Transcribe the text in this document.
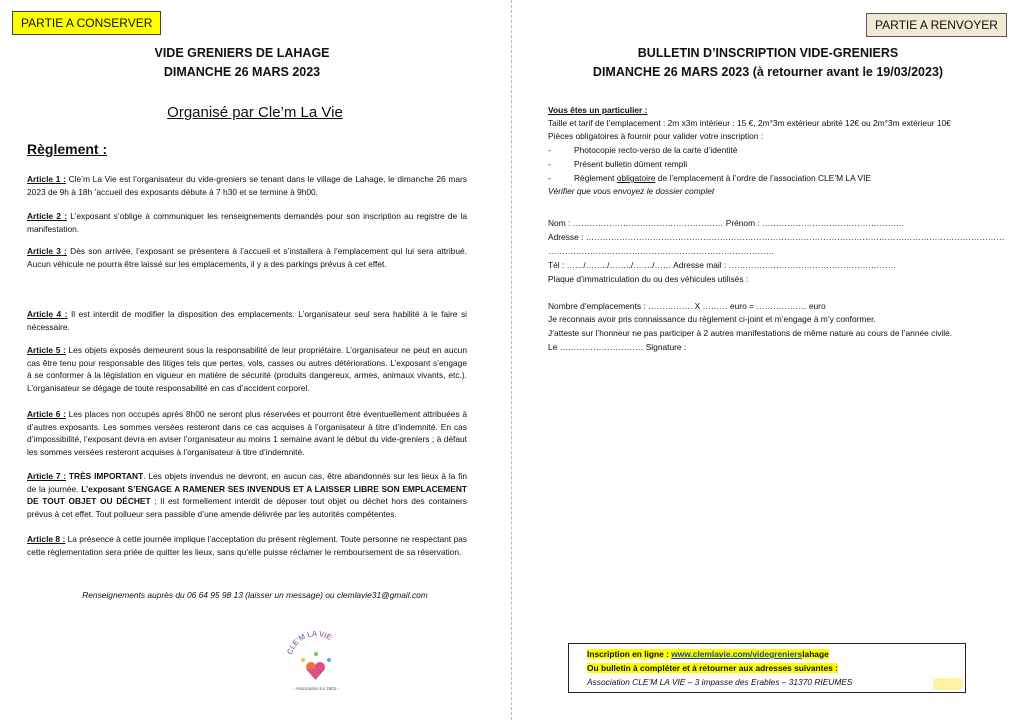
PARTIE A CONSERVER
VIDE GRENIERS DE LAHAGE
DIMANCHE 26 MARS 2023
Organisé par Cle’m La Vie
Règlement :
Article 1 : Cle’m La Vie est l’organisateur du vide-greniers se tenant dans le village de Lahage, le dimanche 26 mars 2023 de 9h à 18h ’accueil des exposants débute à 7 h30 et se termine à 9h00.
Article 2 : L’exposant s’oblige à communiquer les renseignements demandés pour son inscription au registre de la manifestation.
Article 3 : Dès son arrivée, l’exposant se présentera à l’accueil et s’installera à l’emplacement qui lui sera attribué. Aucun véhicule ne pourra être laissé sur les emplacements, il y a des parkings prévus à cet effet.
Article 4 : Il est interdit de modifier la disposition des emplacements. L’organisateur seul sera habilité à le faire si nécessaire.
Article 5 : Les objets exposés demeurent sous la responsabilité de leur propriétaire. L’organisateur ne peut en aucun cas être tenu pour responsable des litiges tels que pertes, vols, casses ou autres détériorations. L’exposant s’engage à se conformer à la législation en vigueur en matière de sécurité (produits dangereux, armes, animaux vivants, etc.). L’organisateur se dégage de toute responsabilité en cas d’accident corporel.
Article 6 : Les places non occupés après 8h00 ne seront plus réservées et pourront être éventuellement attribuées à d’autres exposants. Les sommes versées resteront dans ce cas acquises à l’organisateur à titre d’indemnité. En cas d’impossibilité, l’exposant devra en aviser l’organisateur au moins 1 semaine avant le début du vide-greniers ; à défaut les sommes versées resteront acquises à l’organisateur à titre d’indemnité.
Article 7 : TRÈS IMPORTANT. Les objets invendus ne devront, en aucun cas, être abandonnés sur les lieux à la fin de la journée. L’exposant S’ENGAGE A RAMENER SES INVENDUS ET A LAISSER LIBRE SON EMPLACEMENT DE TOUT OBJET OU DÉCHET ; Il est formellement interdit de déposer tout objet ou déchet hors des containers prévus à cet effet. Tout pollueur sera passible d’une amende délivrée par les autorités compétentes.
Article 8 : La présence à cette journée implique l’acceptation du présent règlement. Toute personne ne respectant pas cette règlementation sera priée de quitter les lieux, sans qu’elle puisse réclamer le remboursement de sa réservation.
Renseignements auprès du 06 64 95 98 13 (laisser un message) ou clemlavie31@gmail.com
CLE’M LA VIE
- Association loi 1901 -
PARTIE A RENVOYER
BULLETIN D’INSCRIPTION VIDE-GRENIERS
DIMANCHE 26 MARS 2023 (à retourner avant le 19/03/2023)
Vous êtes un particulier :
Taille et tarif de l’emplacement : 2m x3m intérieur : 15 €, 2m°3m extérieur abrité 12€ ou 2m°3m extérieur 10€
Pièces obligatoires à fournir pour valider votre inscription :
-	Photocopie recto-verso de la carte d’identité
-	Présent bulletin dûment rempli
-	Règlement obligatoire de l’emplacement à l’ordre de l’association CLE’M LA VIE
Vérifier que vous envoyez le dossier complet
Nom : ……………………………………………… Prénom : ……………………………………………
Adresse : ……………………………………………………………………………………………………………………………………
………………………………………………………………………
Tél : ……/……../……../……./…… Adresse mail : ……………………………………………………
Plaque d’immatriculation du ou des véhicules utilisés :
Nombre d’emplacements : ……………. X ……… euro = ……………… euro
Je reconnais avoir pris connaissance du règlement ci-joint et m’engage à m’y conformer.
J’atteste sur l’honneur ne pas participer à 2 autres manifestations de même nature au cours de l’année civile.
Le ………………………… Signature :
Inscription en ligne : www.clemlavie.com/videgrenierslahage
Ou bulletin à compléter et à retourner aux adresses suivantes :
Association CLE’M LA VIE – 3 impasse des Erables – 31370 RIEUMES
